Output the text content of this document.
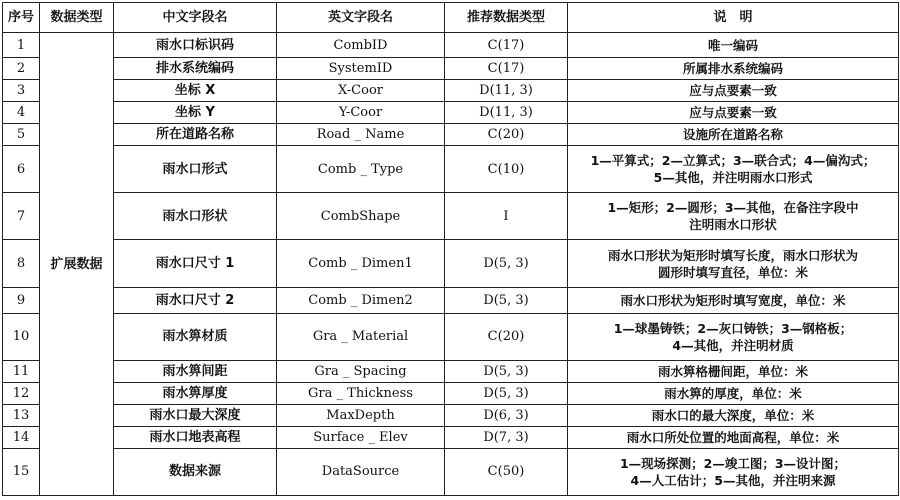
序号	数据类型	中文字段名	英文字段名	推荐数据类型	说　明
1	扩展数据	雨水口标识码	CombID	C(17)	唯一编码

2		排水系统编码	SystemID	C(17)	所属排水系统编码

3		坐标 X	X-Coor	D(11, 3)	应与点要素一致

4		坐标 Y	Y-Coor	D(11, 3)	应与点要素一致

5		所在道路名称	Road _ Name	C(20)	设施所在道路名称

6		雨水口形式	Comb _ Type	C(10)	1—平算式；2—立算式；3—联合式；4—偏沟式；
5—其他，并注明雨水口形式

7		雨水口形状	CombShape	I	1—矩形；2—圆形；3—其他，在备注字段中
注明雨水口形状

8		雨水口尺寸 1	Comb _ Dimen1	D(5, 3)	雨水口形状为矩形时填写长度，雨水口形状为
圆形时填写直径，单位：米

9		雨水口尺寸 2	Comb _ Dimen2	D(5, 3)	雨水口形状为矩形时填写宽度，单位：米

10		雨水箅材质	Gra _ Material	C(20)	1—球墨铸铁；2—灰口铸铁；3—钢格板；
4—其他，并注明材质

11		雨水箅间距	Gra _ Spacing	D(5, 3)	雨水箅格栅间距，单位：米

12		雨水箅厚度	Gra _ Thickness	D(5, 3)	雨水箅的厚度，单位：米

13		雨水口最大深度	MaxDepth	D(6, 3)	雨水口的最大深度，单位：米

14		雨水口地表高程	Surface _ Elev	D(7, 3)	雨水口所处位置的地面高程，单位：米

15		数据来源	DataSource	C(50)	1—现场探测；2—竣工图；3—设计图；
4—人工估计；5—其他，并注明来源
